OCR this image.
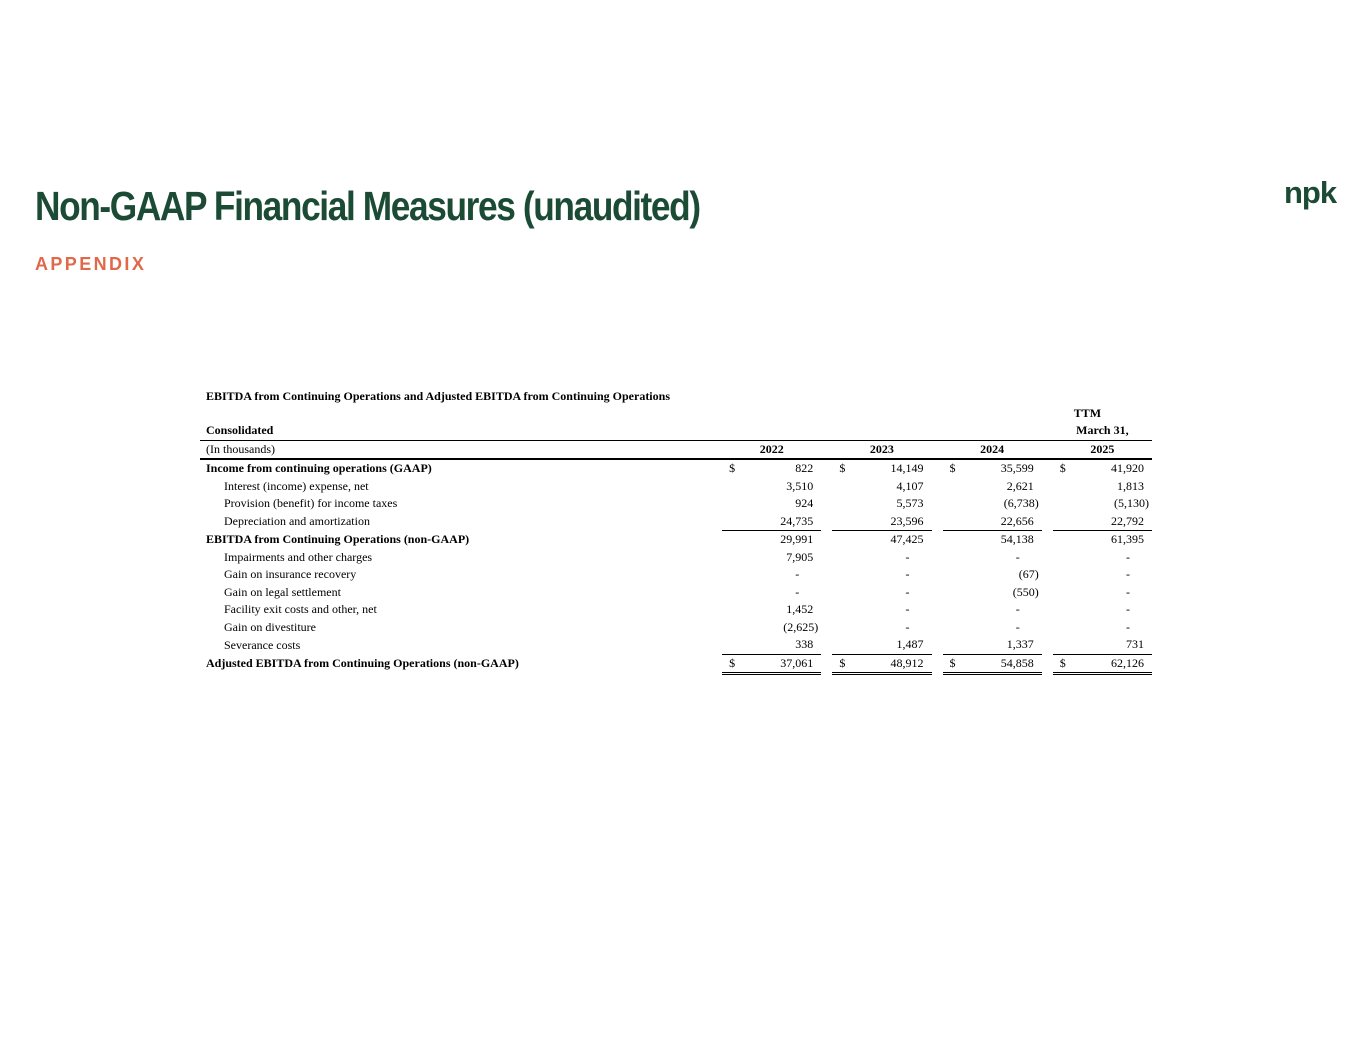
Non-GAAP Financial Measures (unaudited)
APPENDIX
npk
EBITDA from Continuing Operations and Adjusted EBITDA from Continuing Operations
							TTM
Consolidated							March 31,
(In thousands)	2022		2023		2024		2025
Income from continuing operations (GAAP)	$ 822		$ 14,149		$ 35,599		$ 41,920
Interest (income) expense, net	3,510		4,107		2,621		1,813
Provision (benefit) for income taxes	924		5,573		(6,738)		(5,130)
Depreciation and amortization	24,735		23,596		22,656		22,792
EBITDA from Continuing Operations (non-GAAP)	29,991		47,425		54,138		61,395
Impairments and other charges	7,905		-		-		-
Gain on insurance recovery	-		-		(67)		-
Gain on legal settlement	-		-		(550)		-
Facility exit costs and other, net	1,452		-		-		-
Gain on divestiture	(2,625)		-		-		-
Severance costs	338		1,487		1,337		731
Adjusted EBITDA from Continuing Operations (non-GAAP)	$ 37,061		$ 48,912		$ 54,858		$ 62,126
